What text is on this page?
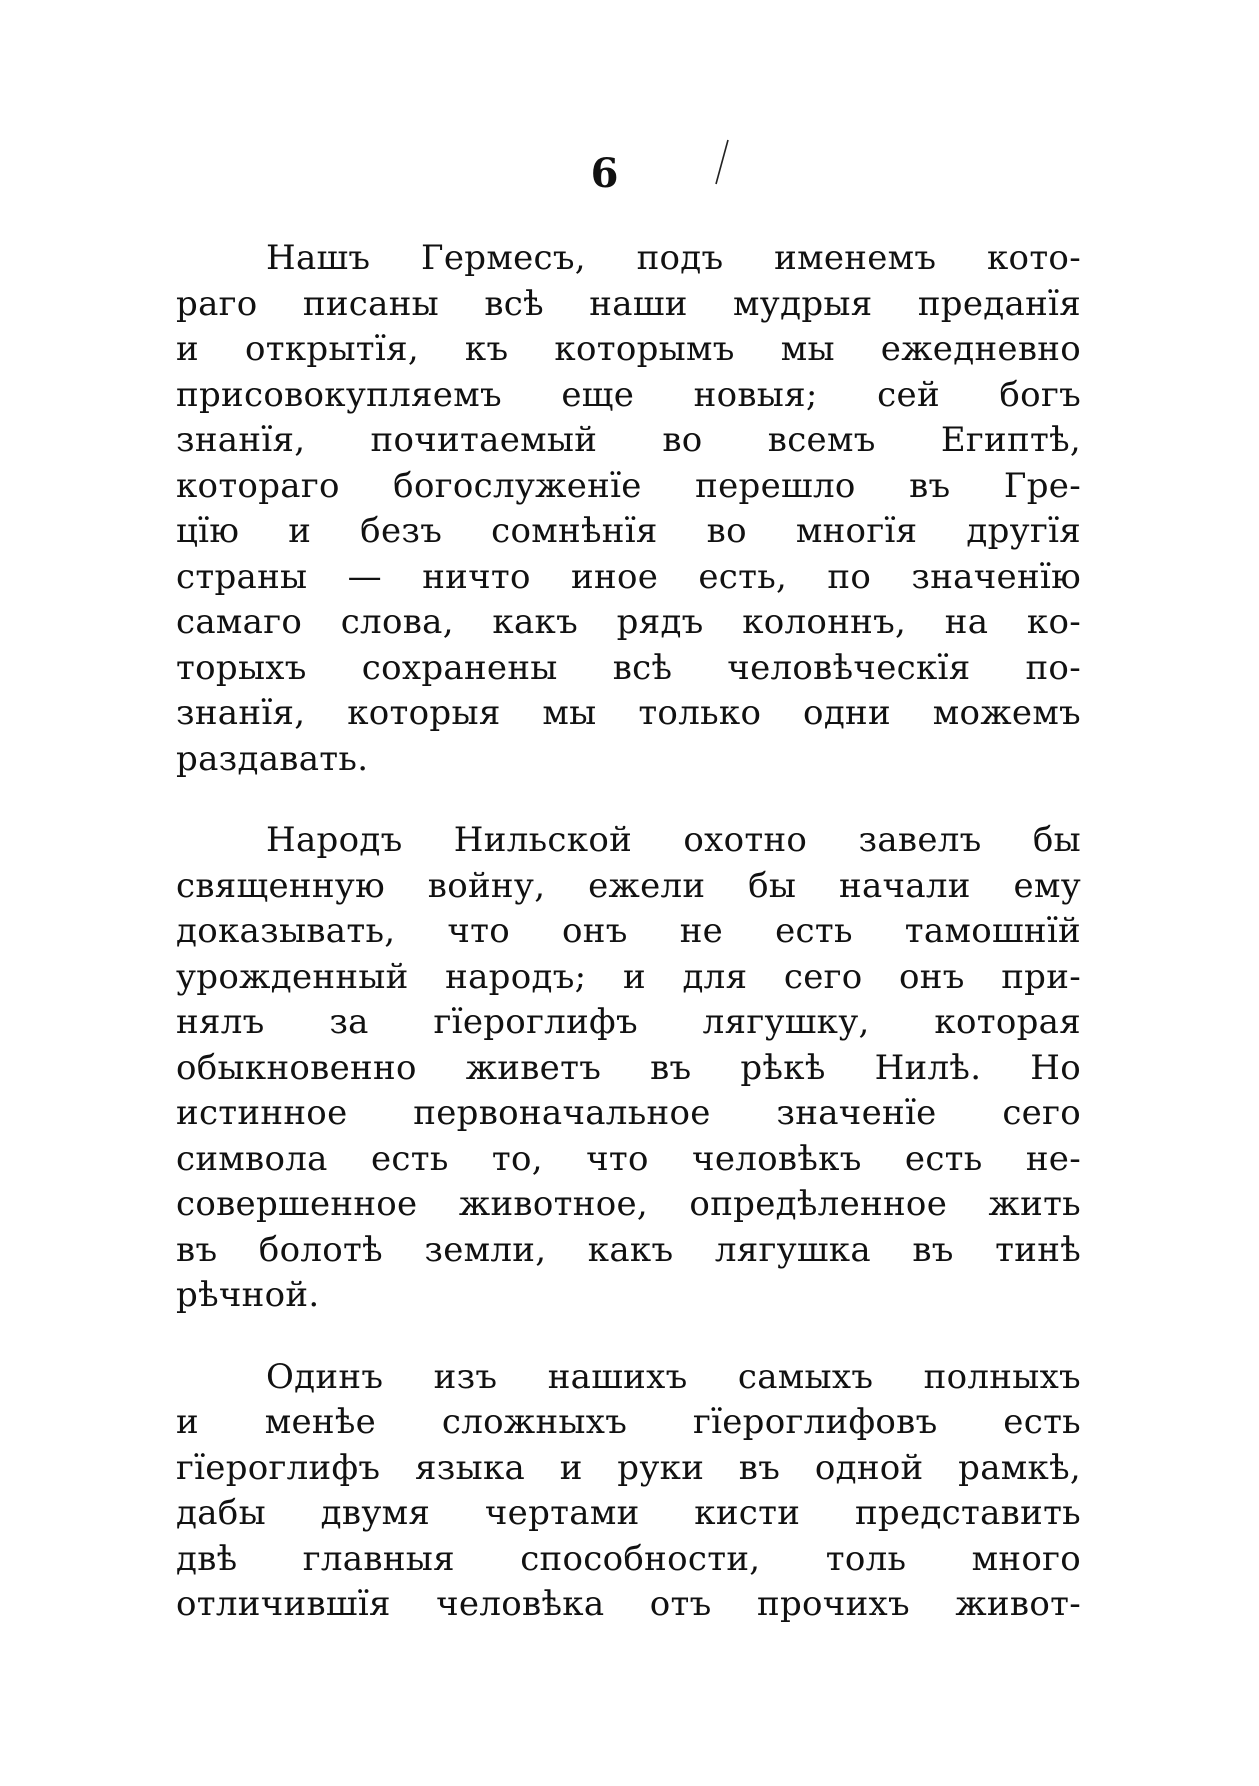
6
Нашъ Гермесъ, подъ именемъ кото-
раго писаны всѣ наши мудрыя преданїя
и открытїя, къ которымъ мы ежедневно
присовокупляемъ еще новыя; сей богъ
знанїя, почитаемый во всемъ Египтѣ,
котораго богослуженїе перешло въ Гре-
цїю и безъ сомнѣнїя во многїя другїя
страны — ничто иное есть, по значенїю
самаго слова, какъ рядъ колоннъ, на ко-
торыхъ сохранены всѣ человѣческїя по-
знанїя, которыя мы только одни можемъ
раздавать.
Народъ Нильской охотно завелъ бы
священную войну, ежели бы начали ему
доказывать, что онъ не есть тамошнїй
урожденный народъ; и для сего онъ при-
нялъ за гїероглифъ лягушку, которая
обыкновенно живетъ въ рѣкѣ Нилѣ. Но
истинное первоначальное значенїе сего
символа есть то, что человѣкъ есть не-
совершенное животное, опредѣленное жить
въ болотѣ земли, какъ лягушка въ тинѣ
рѣчной.
Одинъ изъ нашихъ самыхъ полныхъ
и менѣе сложныхъ гїероглифовъ есть
гїероглифъ языка и руки въ одной рамкѣ,
дабы двумя чертами кисти представить
двѣ главныя способности, толь много
отличившїя человѣка отъ прочихъ живот-
